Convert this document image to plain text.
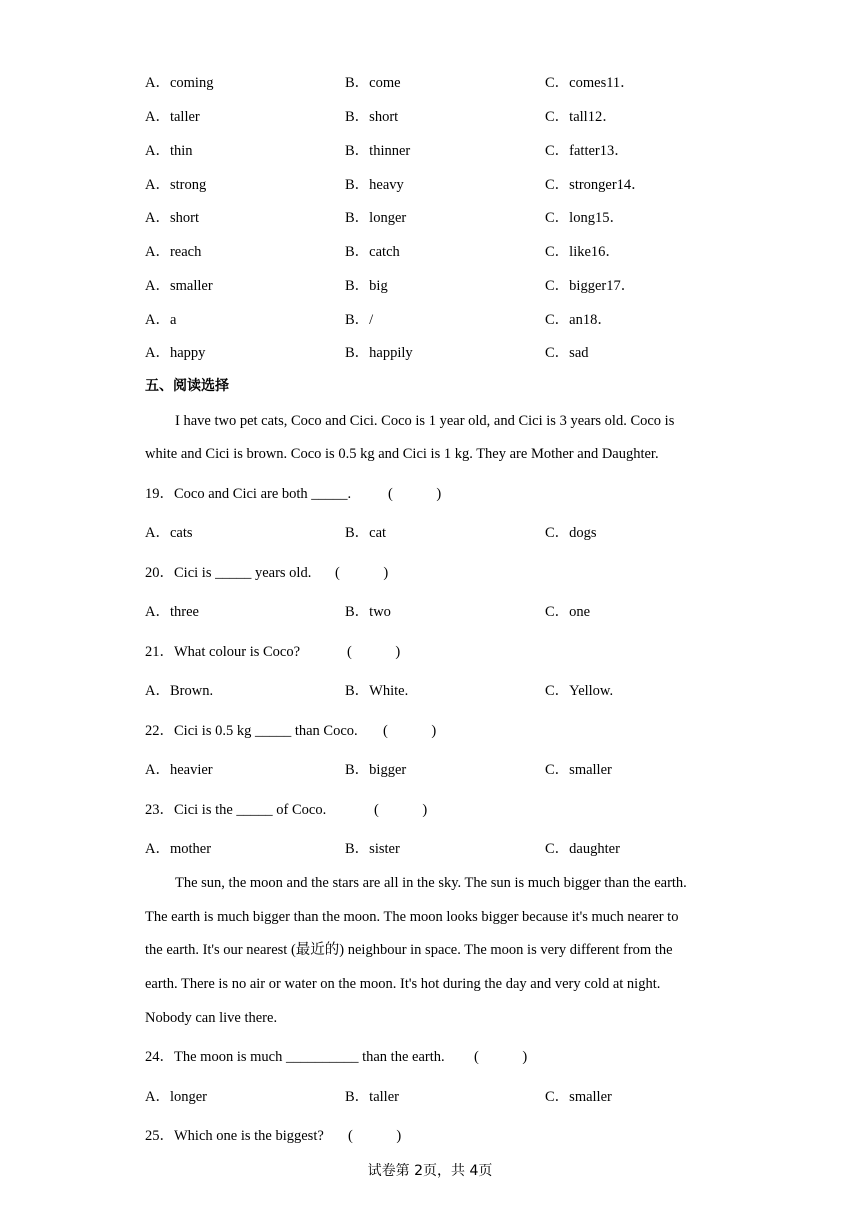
A．coming	B．come	C．comes11．
A．taller	B．short	C．tall12．
A．thin	B．thinner	C．fatter13．
A．strong	B．heavy	C．stronger14．
A．short	B．longer	C．long15．
A．reach	B．catch	C．like16．
A．smaller	B．big	C．bigger17．
A．a	B．/	C．an18．
A．happy	B．happily	C．sad
五、阅读选择
I have two pet cats, Coco and Cici. Coco is 1 year old, and Cici is 3 years old. Coco is
white and Cici is brown. Coco is 0.5 kg and Cici is 1 kg. They are Mother and Daughter.
19．Coco and Cici are both _____.	(　　　)
A．cats	B．cat	C．dogs
20．Cici is _____ years old. (　　　)
A．three	B．two	C．one
21．What colour is Coco?	(　　　)
A．Brown.	B．White.	C．Yellow.
22．Cici is 0.5 kg _____ than Coco. (　　　)
A．heavier	B．bigger	C．smaller
23．Cici is the _____ of Coco.	(　　　)
A．mother	B．sister	C．daughter
The sun, the moon and the stars are all in the sky. The sun is much bigger than the earth.
The earth is much bigger than the moon. The moon looks bigger because it's much nearer to
the earth. It's our nearest (最近的) neighbour in space. The moon is very different from the
earth. There is no air or water on the moon. It's hot during the day and very cold at night.
Nobody can live there.
24．The moon is much __________ than the earth. (　　　)
A．longer	B．taller	C．smaller
25．Which one is the biggest? (　　　)
试卷第 2页，共 4页
